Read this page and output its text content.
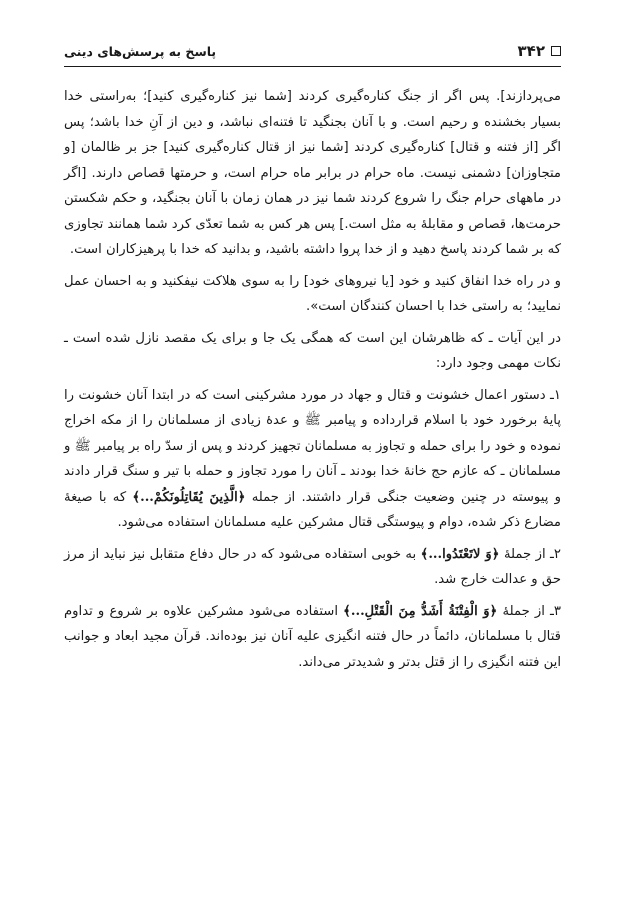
۳۴۲
پاسخ به پرسش‌های دینی

می‌پردازند]. پس اگر از جنگ کناره‌گیری کردند [شما نیز کناره‌گیری کنید]؛ به‌راستی خدا بسیار بخشنده و رحیم است. و با آنان بجنگید تا فتنه‌ای نباشد، و دین از آنِ خدا باشد؛ پس اگر [از فتنه و قتال] کناره‌گیری کردند [شما نیز از قتال کناره‌گیری کنید] جز بر ظالمان [و متجاوزان] دشمنی نیست. ماه حرام در برابر ماه حرام است، و حرمتها قصاص دارند. [اگر در ماههای حرام جنگ را شروع کردند شما نیز در همان زمان با آنان بجنگید، و حکم شکستن حرمت‌ها، قصاص و مقابلهٔ به مثل است.] پس هر کس به شما تعدّی کرد شما همانند تجاوزی که بر شما کردند پاسخ دهید و از خدا پروا داشته باشید، و بدانید که خدا با پرهیزکاران است.

و در راه خدا انفاق کنید و خود [یا نیروهای خود] را به سوی هلاکت نیفکنید و به احسان عمل نمایید؛ به راستی خدا با احسان کنندگان است».

در این آیات ـ که ظاهرشان این است که همگی یک جا و برای یک مقصد نازل شده است ـ نکات مهمی وجود دارد:

۱ـ دستور اعمال خشونت و قتال و جهاد در مورد مشرکینی است که در ابتدا آنان خشونت را پایهٔ برخورد خود با اسلام قرارداده و پیامبر ﷺ و عدهٔ زیادی از مسلمانان را از مکه اخراج نموده و خود را برای حمله و تجاوز به مسلمانان تجهیز کردند و پس از سدّ راه بر پیامبر ﷺ و مسلمانان ـ که عازم حج خانهٔ خدا بودند ـ آنان را مورد تجاوز و حمله با تیر و سنگ قرار دادند و پیوسته در چنین وضعیت جنگی قرار داشتند. از جمله ﴿الَّذِينَ يُقَاتِلُونَكُمْ...﴾ که با صیغهٔ مضارع ذکر شده، دوام و پیوستگی قتال مشرکین علیه مسلمانان استفاده می‌شود.

۲ـ از جملهٔ ﴿وَ لاتَعْتَدُوا...﴾ به خوبی استفاده می‌شود که در حال دفاع متقابل نیز نباید از مرز حق و عدالت خارج شد.

۳ـ از جملهٔ ﴿وَ الْفِتْنَةُ أَشَدُّ مِنَ الْقَتْلِ...﴾ استفاده می‌شود مشرکین علاوه بر شروع و تداوم قتال با مسلمانان، دائماً در حال فتنه انگیزی علیه آنان نیز بوده‌اند. قرآن مجید ابعاد و جوانب این فتنه انگیزی را از قتل بدتر و شدیدتر می‌داند.
